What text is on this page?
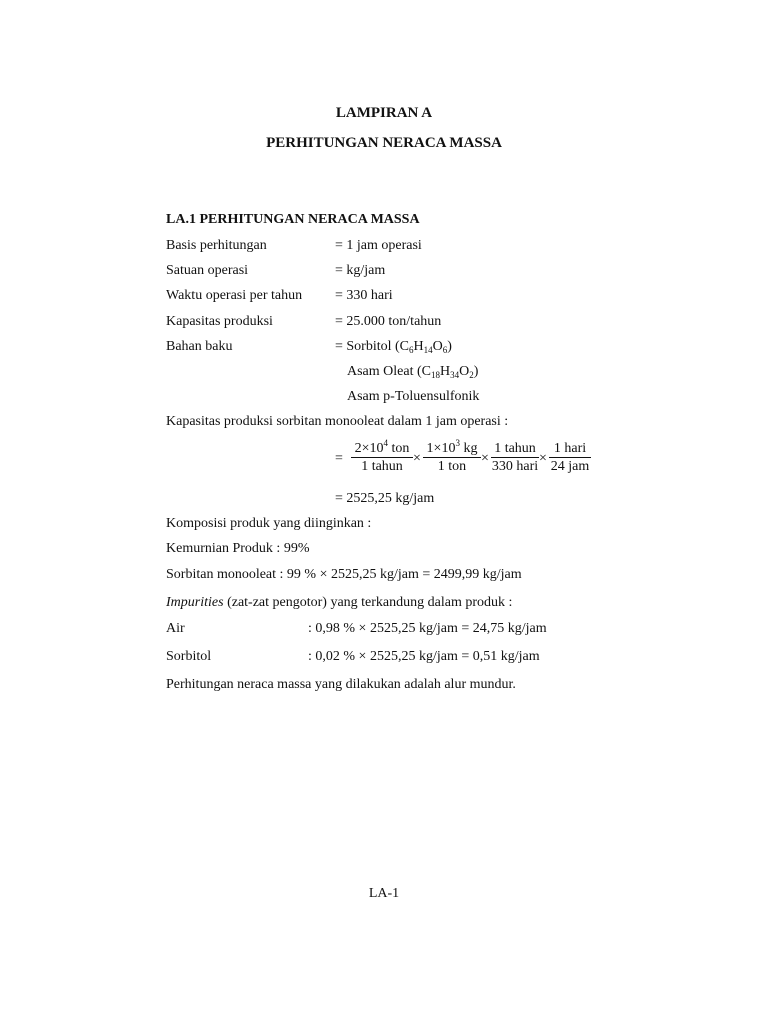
LAMPIRAN A
PERHITUNGAN NERACA MASSA
LA.1 PERHITUNGAN NERACA MASSA
Basis perhitungan	= 1 jam operasi
Satuan operasi	= kg/jam
Waktu operasi per tahun = 330 hari
Kapasitas produksi	= 25.000 ton/tahun
Bahan baku	= Sorbitol $(C_6H_{14}O_6)$
Asam Oleat $(C_{18}H_{34}O_2)$
Asam p-Toluensulfonik
Kapasitas produksi sorbitan monooleat dalam 1 jam operasi :
=
$2\times 10^4$ ton
1 tahun
×
$1\times 10^3$ kg
1 ton
×
1 tahun
330 hari
×
1 hari
24 jam
= 2525,25 kg/jam
Komposisi produk yang diinginkan :
Kemurnian Produk : 99%
Sorbitan monooleat : 99 % × 2525,25 kg/jam = 2499,99 kg/jam
Impurities (zat-zat pengotor) yang terkandung dalam produk :
Air	: 0,98 % × 2525,25 kg/jam = 24,75 kg/jam
Sorbitol	: 0,02 % × 2525,25 kg/jam = 0,51 kg/jam
Perhitungan neraca massa yang dilakukan adalah alur mundur.
LA-1
